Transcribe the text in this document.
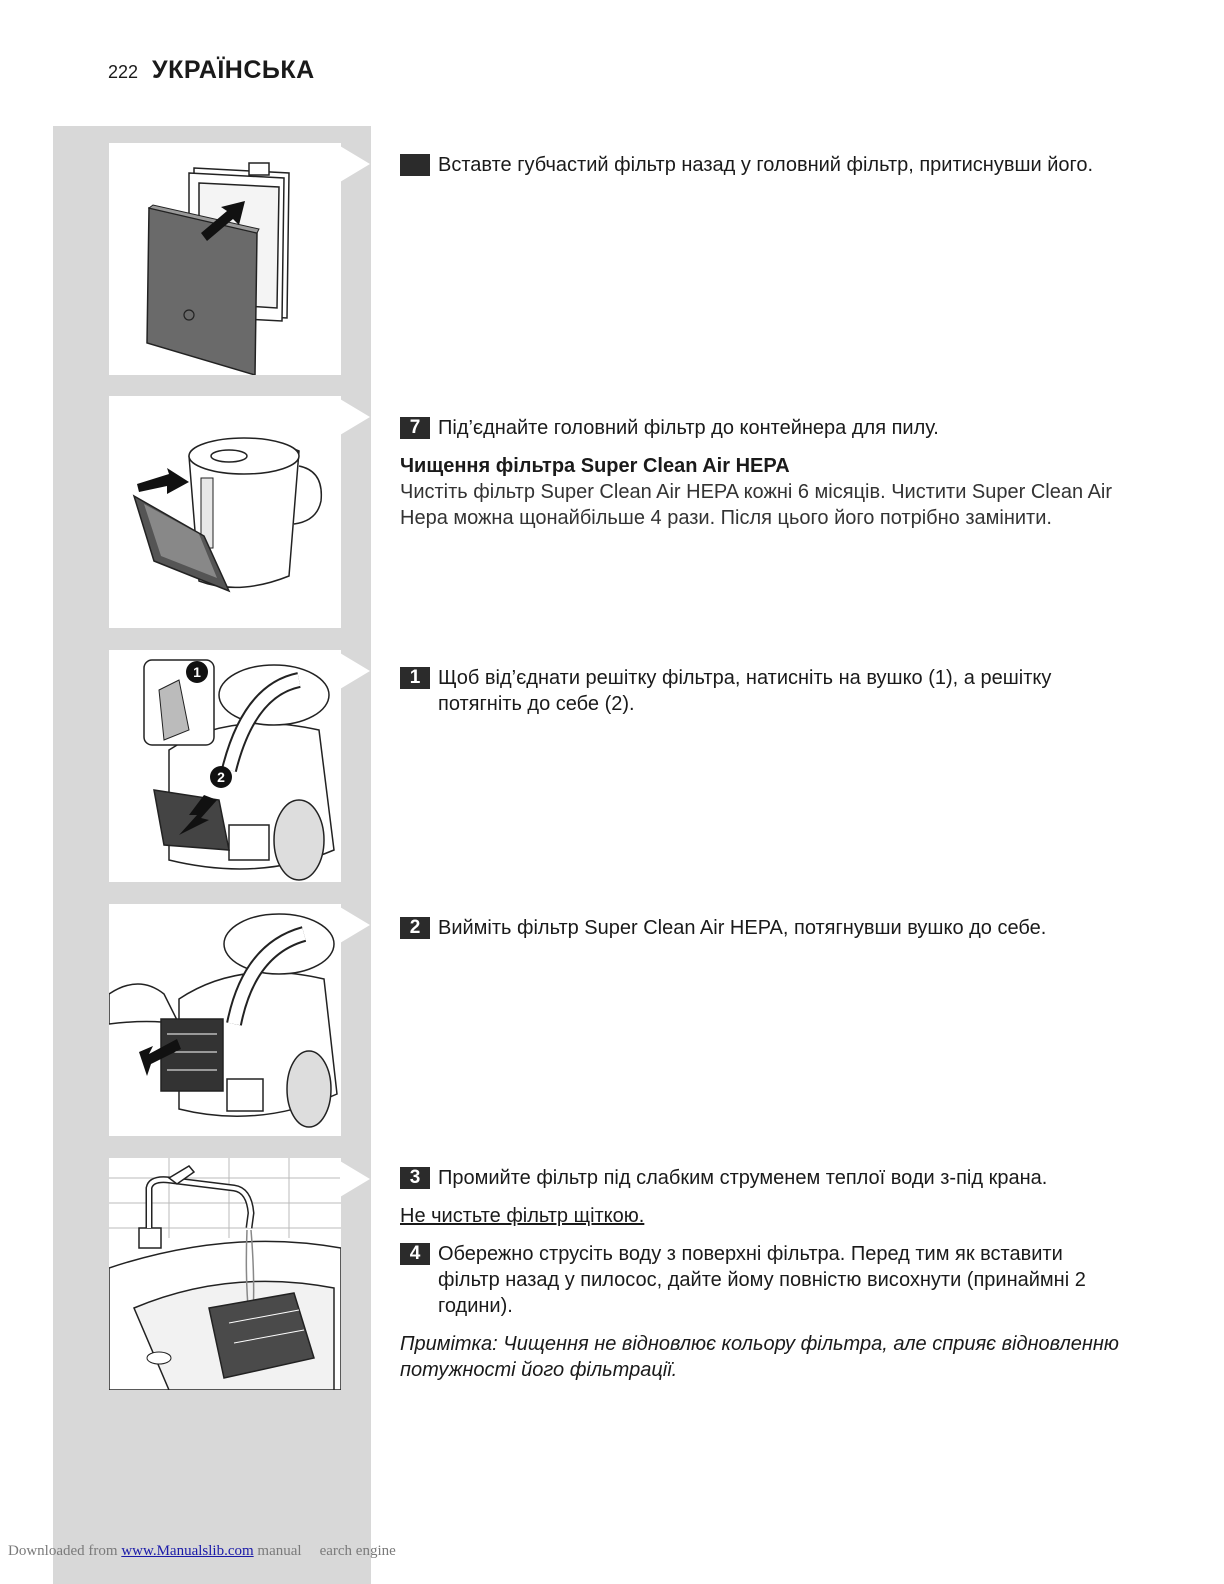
222 УКРАЇНСЬКА
1
2
Вставте губчастий фільтр назад у головний фільтр, притиснувши його.
7 Під’єднайте головний фільтр до контейнера для пилу.

Чищення фільтра Super Clean Air HEPA

Чистіть фільтр Super Clean Air HEPA кожні 6 місяців. Чистити Super Clean Air Hepa можна щонайбільше 4 рази. Після цього його потрібно замінити.

1 Щоб від’єднати решітку фільтра, натисніть на вушко (1), а решітку потягніть до себе (2).
2 Вийміть фільтр Super Clean Air HEPA, потягнувши вушко до себе.
3 Промийте фільтр під слабким струменем теплої води з-під крана.

Не чистьте фільтр щіткою.

4 Обережно струсіть воду з поверхні фільтра. Перед тим як вставити фільтр назад у пилосос, дайте йому повністю висохнути (принаймні 2 години).

Примітка: Чищення не відновлює кольору фільтра, але сприяє відновленню потужності його фільтрації.

Downloaded from www.Manualslib.com manual earch engine
